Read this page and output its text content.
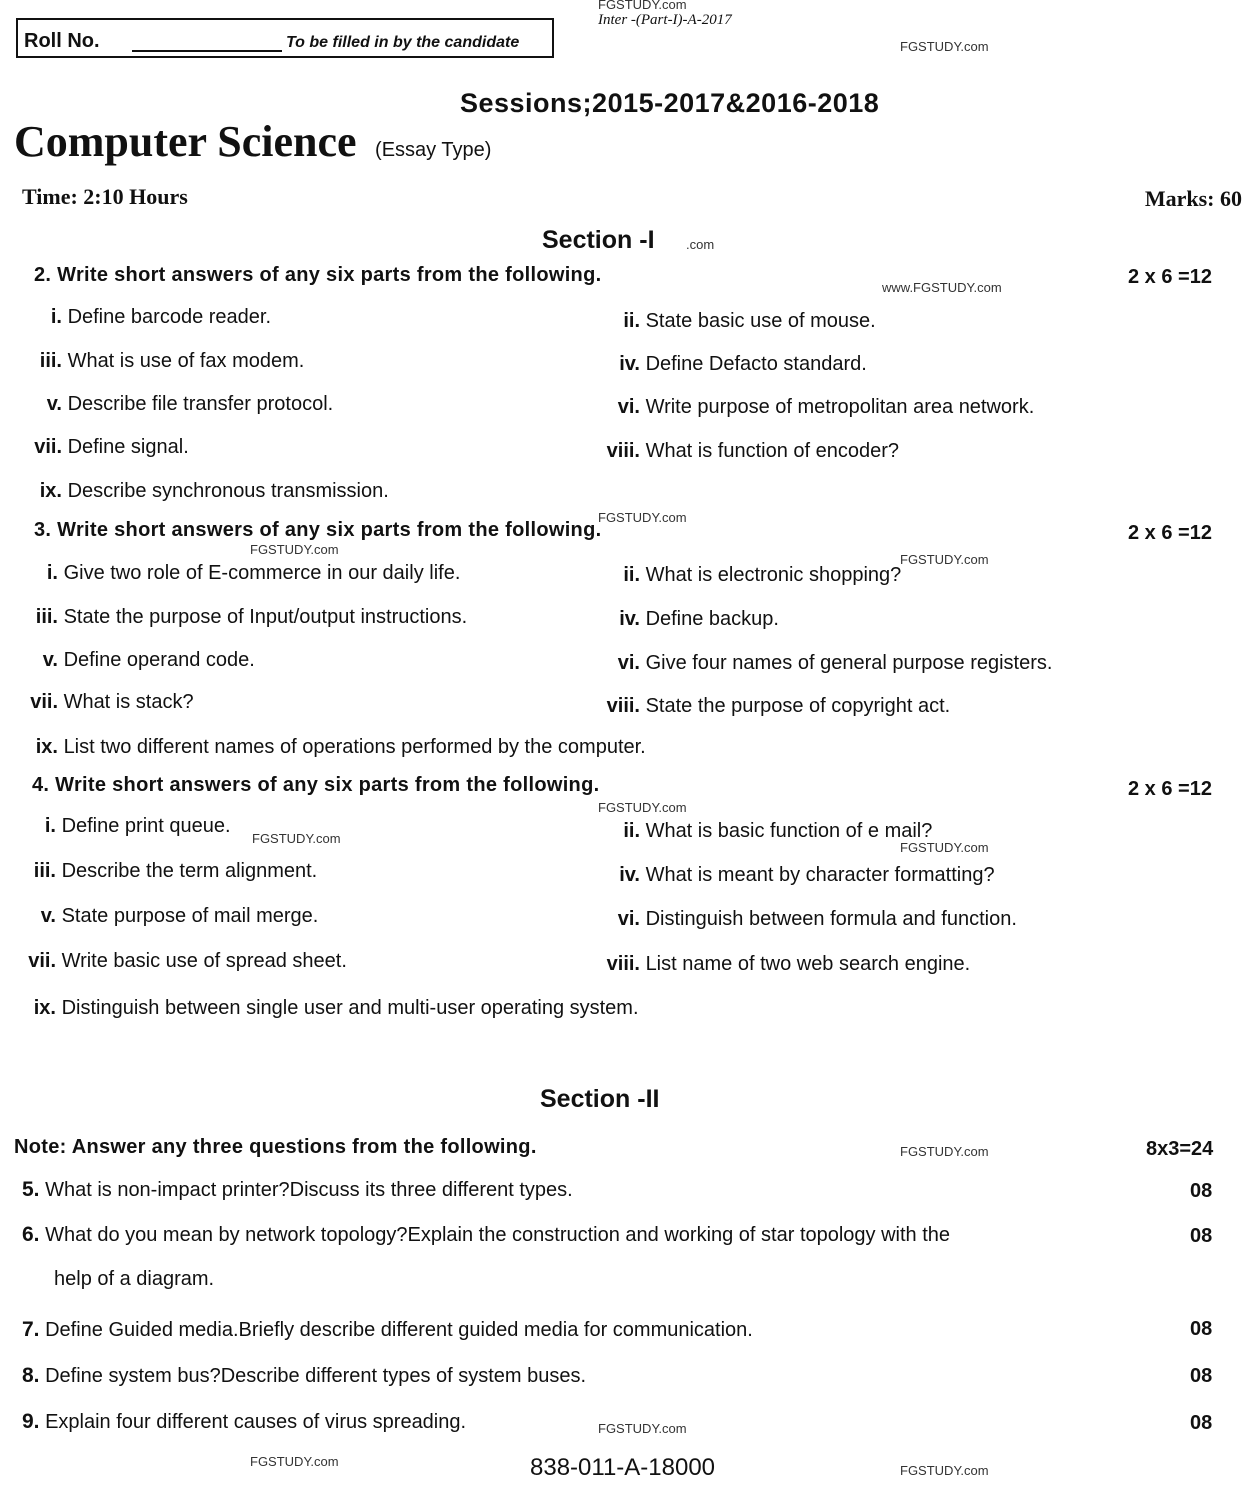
Roll No.	To be filled in by the candidate
FGSTUDY.com
Inter -(Part-I)-A-2017
FGSTUDY.com
Sessions;2015-2017&2016-2018
Computer Science (Essay Type)
Time: 2:10 Hours	Marks: 60
Section -I .com
2. Write short answers of any six parts from the following.
www.FGSTUDY.com	2 x 6 =12
i. Define barcode reader.	ii. State basic use of mouse.
iii. What is use of fax modem.	iv. Define Defacto standard.
v. Describe file transfer protocol.	vi. Write purpose of metropolitan area network.
vii. Define signal.	viii. What is function of encoder?
ix. Describe synchronous transmission.
FGSTUDY.com
3. Write short answers of any six parts from the following.	2 x 6 =12
FGSTUDY.com
FGSTUDY.com
i. Give two role of E-commerce in our daily life.	ii. What is electronic shopping?
iii. State the purpose of Input/output instructions.	iv. Define backup.
v. Define operand code.	vi. Give four names of general purpose registers.
vii. What is stack?	viii. State the purpose of copyright act.
ix. List two different names of operations performed by the computer.
4. Write short answers of any six parts from the following.	2 x 6 =12
FGSTUDY.com
i. Define print queue.
FGSTUDY.com	ii. What is basic function of e mail?
FGSTUDY.com
iii. Describe the term alignment.	iv. What is meant by character formatting?
v. State purpose of mail merge.	vi. Distinguish between formula and function.
vii. Write basic use of spread sheet.	viii. List name of two web search engine.
ix. Distinguish between single user and multi-user operating system.
Section -II
Note: Answer any three questions from the following.	FGSTUDY.com	8x3=24
5. What is non-impact printer?Discuss its three different types.	08
6. What do you mean by network topology?Explain the construction and working of star topology with the	08
help of a diagram.
7. Define Guided media.Briefly describe different guided media for communication.	08
8. Define system bus?Describe different types of system buses.	08
9. Explain four different causes of virus spreading.	FGSTUDY.com	08
FGSTUDY.com	838-011-A-18000	FGSTUDY.com
